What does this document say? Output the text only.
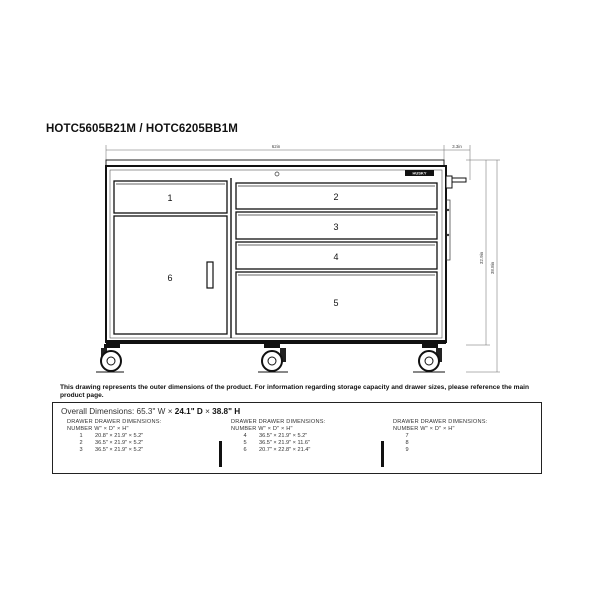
HOTC5605B21M / HOTC6205BB1M
62in	3.3in
32.9in
38.8in
HUSKY
1	2
3
4
5
6
This drawing represents the outer dimensions of the product. For information regarding storage capacity and drawer sizes, please reference the main product page.
Overall Dimensions: 65.3" W × 24.1" D × 38.8" H
DRAWER DRAWER DIMENSIONS:
NUMBER W" × D" × H"
1	20.8" × 21.9" × 5.2"
2	36.5" × 21.9" × 5.2"
3	36.5" × 21.9" × 5.2"
DRAWER DRAWER DIMENSIONS:
NUMBER W" × D" × H"
4	36.5" × 21.9" × 5.2"
5	36.5" × 21.9" × 11.6"
6	20.7" × 22.8" × 21.4"
DRAWER DRAWER DIMENSIONS:
NUMBER W" × D" × H"
7
8
9
